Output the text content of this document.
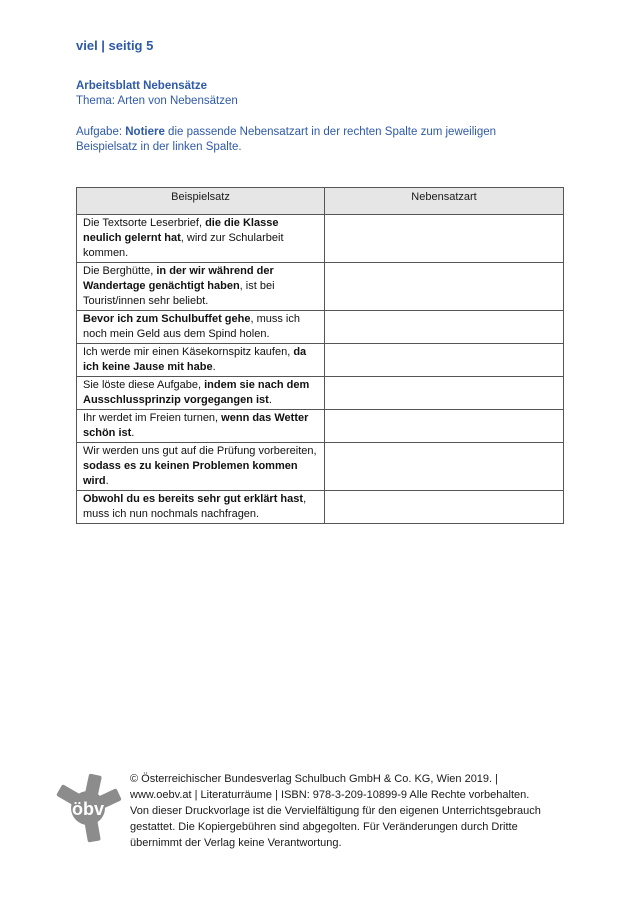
viel | seitig 5
Arbeitsblatt Nebensätze
Thema: Arten von Nebensätzen
Aufgabe: Notiere die passende Nebensatzart in der rechten Spalte zum jeweiligen Beispielsatz in der linken Spalte.
Beispielsatz	Nebensatzart
Die Textsorte Leserbrief, die die Klasse neulich gelernt hat, wird zur Schularbeit kommen.	
Die Berghütte, in der wir während der Wandertage genächtigt haben, ist bei Tourist/innen sehr beliebt.	
Bevor ich zum Schulbuffet gehe, muss ich noch mein Geld aus dem Spind holen.	
Ich werde mir einen Käsekornspitz kaufen, da ich keine Jause mit habe.	
Sie löste diese Aufgabe, indem sie nach dem Ausschlussprinzip vorgegangen ist.	
Ihr werdet im Freien turnen, wenn das Wetter schön ist.	
Wir werden uns gut auf die Prüfung vorbereiten, sodass es zu keinen Problemen kommen wird.	
Obwohl du es bereits sehr gut erklärt hast, muss ich nun nochmals nachfragen.	
öbv
© Österreichischer Bundesverlag Schulbuch GmbH & Co. KG, Wien 2019. | www.oebv.at | Literaturräume | ISBN: 978-3-209-10899-9 Alle Rechte vorbehalten. Von dieser Druckvorlage ist die Vervielfältigung für den eigenen Unterrichtsgebrauch gestattet. Die Kopiergebühren sind abgegolten. Für Veränderungen durch Dritte übernimmt der Verlag keine Verantwortung.
